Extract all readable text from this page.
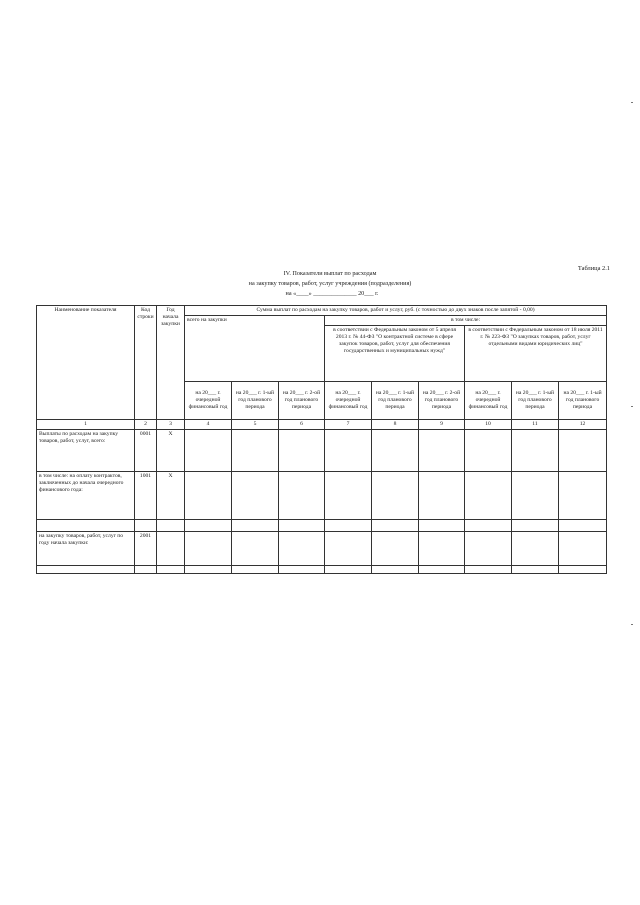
Таблица 2.1
IV. Показатели выплат по расходам
на закупку товаров, работ, услуг учреждения (подразделения)
на «____» ______________ 20___ г.
Наименование показателя	Код строки	Год начала закупки	Сумма выплат по расходам на закупку товаров, работ и услуг, руб. (с точностью до двух знаков после запятой - 0,00)								
			всего на закупки			в том числе:					
						в соответствии с Федеральным законом от 5 апреля 2013 г. № 44-ФЗ "О контрактной системе в сфере закупок товаров, работ, услуг для обеспечения государственных и муниципальных нужд"			в соответствии с Федеральным законом от 18 июля 2011 г. № 223-ФЗ "О закупках товаров, работ, услуг отдельными видами юридических лиц"		
			на 20___ г. очередной финансовый год	на 20___ г. 1-ый год планового периода	на 20___ г. 2-ой год планового периода	на 20___ г. очередной финансовый год	на 20___ г. 1-ый год планового периода	на 20___ г. 2-ой год планового периода	на 20___ г. очередной финансовый год	на 20___ г. 1-ый год планового периода	на 20___ г. 1-ый год планового периода
1	2	3	4	5	6	7	8	9	10	11	12
Выплаты по расходам на закупку товаров, работ, услуг, всего:	0001	X									
в том числе: на оплату контрактов, заключенных до начала очередного финансового года:	1001	X									

на закупку товаров, работ, услуг по году начала закупки:	2001										
